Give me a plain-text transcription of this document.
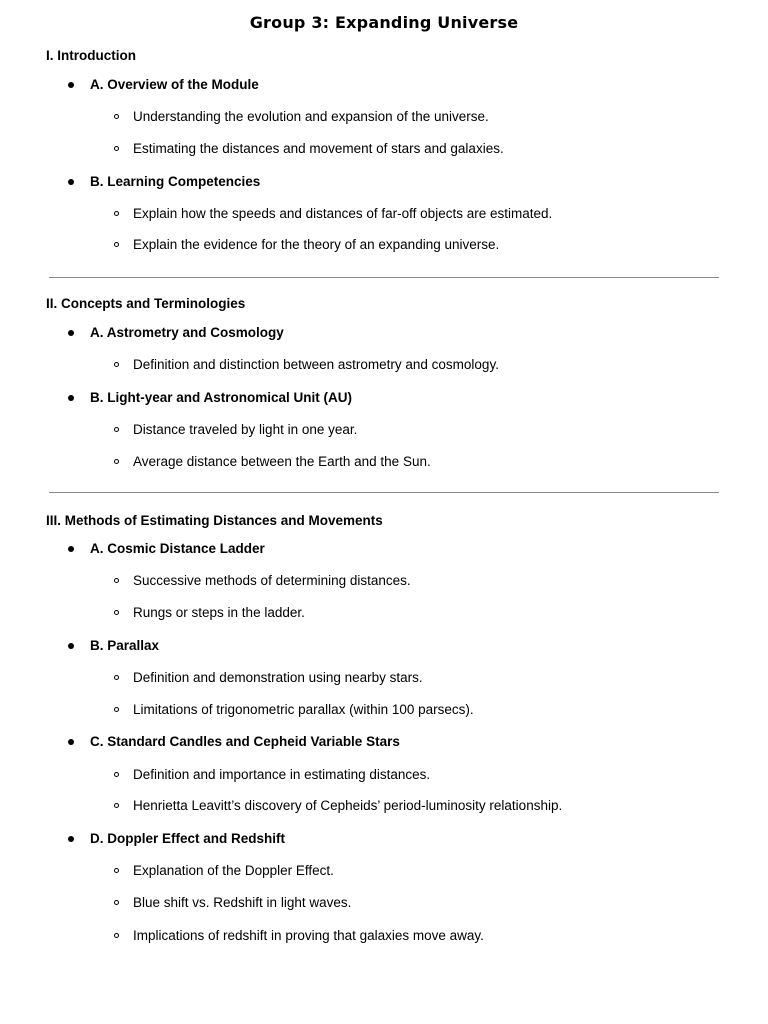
Group 3: Expanding Universe
I. Introduction
A. Overview of the Module
Understanding the evolution and expansion of the universe.
Estimating the distances and movement of stars and galaxies.
B. Learning Competencies
Explain how the speeds and distances of far-off objects are estimated.
Explain the evidence for the theory of an expanding universe.
II. Concepts and Terminologies
A. Astrometry and Cosmology
Definition and distinction between astrometry and cosmology.
B. Light-year and Astronomical Unit (AU)
Distance traveled by light in one year.
Average distance between the Earth and the Sun.
III. Methods of Estimating Distances and Movements
A. Cosmic Distance Ladder
Successive methods of determining distances.
Rungs or steps in the ladder.
B. Parallax
Definition and demonstration using nearby stars.
Limitations of trigonometric parallax (within 100 parsecs).
C. Standard Candles and Cepheid Variable Stars
Definition and importance in estimating distances.
Henrietta Leavitt’s discovery of Cepheids’ period-luminosity relationship.
D. Doppler Effect and Redshift
Explanation of the Doppler Effect.
Blue shift vs. Redshift in light waves.
Implications of redshift in proving that galaxies move away.
